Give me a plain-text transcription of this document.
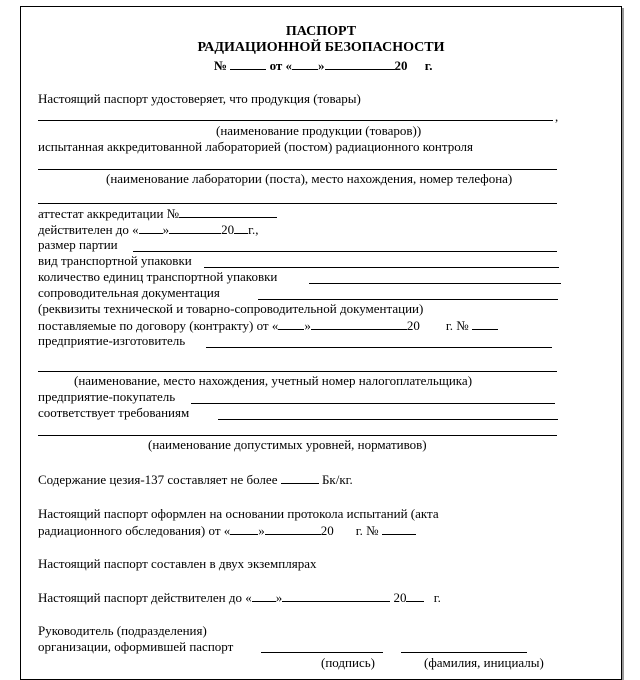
ПАСПОРТ
РАДИАЦИОННОЙ БЕЗОПАСНОСТИ
№	от « »	20 г.
Настоящий паспорт удостоверяет, что продукция (товары)
,
(наименование продукции (товаров))
испытанная аккредитованной лабораторией (постом) радиационного контроля
(наименование лаборатории (поста), место нахождения, номер телефона)
аттестат аккредитации №
действителен до « »	20 г.,
размер партии
вид транспортной упаковки
количество единиц транспортной упаковки
сопроводительная документация
(реквизиты технической и товарно-сопроводительной документации)
поставляемые по договору (контракту) от « »	20 г. №
предприятие-изготовитель
(наименование, место нахождения, учетный номер налогоплательщика)
предприятие-покупатель
соответствует требованиям
(наименование допустимых уровней, нормативов)
Содержание цезия-137 составляет не более	Бк/кг.
Настоящий паспорт оформлен на основании протокола испытаний (акта
радиационного обследования) от « »	20 г. №
Настоящий паспорт составлен в двух экземплярах
Настоящий паспорт действителен до « »	20 г.
Руководитель (подразделения)
организации, оформившей паспорт
(подпись)	(фамилия, инициалы)
